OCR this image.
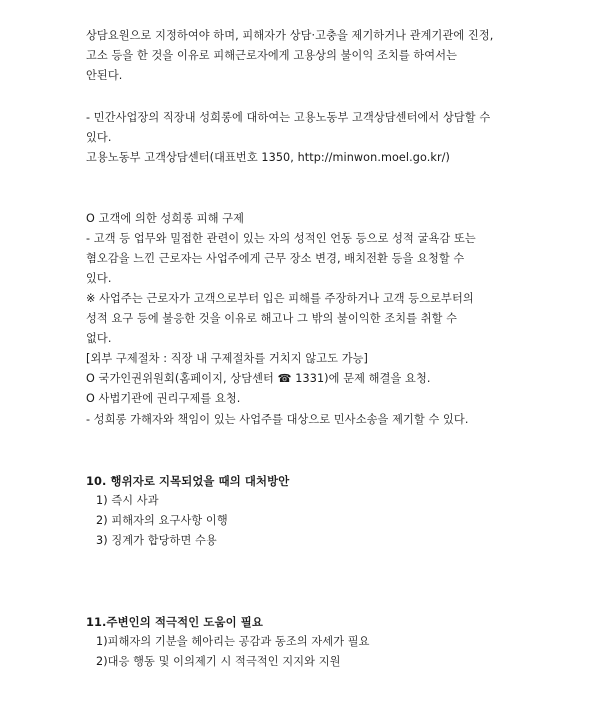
상담요원으로 지정하여야 하며, 피해자가 상담·고충을 제기하거나 관계기관에 진정,
고소 등을 한 것을 이유로 피해근로자에게 고용상의 불이익 조치를 하여서는
안된다.
- 민간사업장의 직장내 성희롱에 대하여는 고용노동부 고객상담센터에서 상담할 수
있다.
고용노동부 고객상담센터(대표번호 1350, http://minwon.moel.go.kr/)
O 고객에 의한 성희롱 피해 구제
- 고객 등 업무와 밀접한 관련이 있는 자의 성적인 언동 등으로 성적 굴욕감 또는
혐오감을 느낀 근로자는 사업주에게 근무 장소 변경, 배치전환 등을 요청할 수
있다.
※ 사업주는 근로자가 고객으로부터 입은 피해를 주장하거나 고객 등으로부터의
성적 요구 등에 불응한 것을 이유로 해고나 그 밖의 불이익한 조치를 취할 수
없다.
[외부 구제절차 : 직장 내 구제절차를 거치지 않고도 가능]
O 국가인권위원회(홈페이지, 상담센터 ☎ 1331)에 문제 해결을 요청.
O 사법기관에 권리구제를 요청.
- 성희롱 가해자와 책임이 있는 사업주를 대상으로 민사소송을 제기할 수 있다.
10. 행위자로 지목되었을 때의 대처방안
1) 즉시 사과
2) 피해자의 요구사항 이행
3) 징계가 합당하면 수용
11.주변인의 적극적인 도움이 필요
1)피해자의 기분을 헤아리는 공감과 동조의 자세가 필요
2)대응 행동 및 이의제기 시 적극적인 지지와 지원
